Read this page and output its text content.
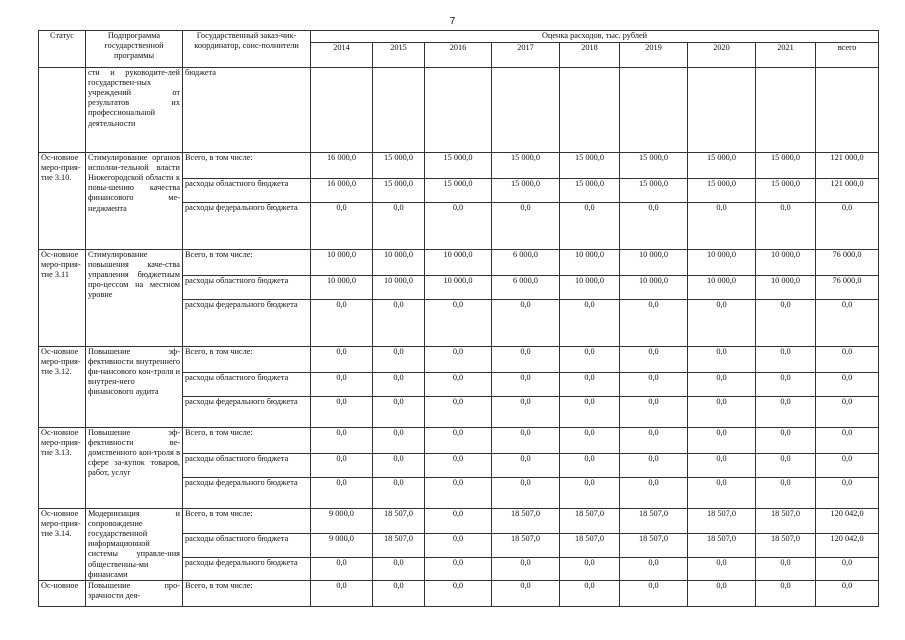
7
Статус	Подпрограмма государственной программы	Государственный заказ-чик-координатор, соис-полнители	Оценка расходов, тыс. рублей								
			2014	2015	2016	2017	2018	2019	2020	2021	всего
	сти и руководите-лей государствен-ных учреждений от результатов их профессиональной деятельности	бюджета									
Ос-новное меро-прия-тие 3.10.	Стимулирование органов исполни-тельной власти Нижегородской области к повы-шению качества финансового ме-неджмента	Всего, в том числе:	16 000,0	15 000,0	15 000,0	15 000,0	15 000,0	15 000,0	15 000,0	15 000,0	121 000,0
		расходы областного бюджета	16 000,0	15 000,0	15 000,0	15 000,0	15 000,0	15 000,0	15 000,0	15 000,0	121 000,0
		расходы федерального бюджета	0,0	0,0	0,0	0,0	0,0	0,0	0,0	0,0	0,0
Ос-новное меро-прия-тие 3.11	Стимулирование повышения каче-ства управления бюджетным про-цессом на местном уровне	Всего, в том числе:	10 000,0	10 000,0	10 000,0	6 000,0	10 000,0	10 000,0	10 000,0	10 000,0	76 000,0
		расходы областного бюджета	10 000,0	10 000,0	10 000,0	6 000,0	10 000,0	10 000,0	10 000,0	10 000,0	76 000,0
		расходы федерального бюджета	0,0	0,0	0,0	0,0	0,0	0,0	0,0	0,0	0,0
Ос-новное меро-прия-тие 3.12.	Повышение эф-фективности внутреннего фи-нансового кон-троля и внутрен-него финансового аудита	Всего, в том числе:	0,0	0,0	0,0	0,0	0,0	0,0	0,0	0,0	0,0
		расходы областного бюджета	0,0	0,0	0,0	0,0	0,0	0,0	0,0	0,0	0,0
		расходы федерального бюджета	0,0	0,0	0,0	0,0	0,0	0,0	0,0	0,0	0,0
Ос-новное меро-прия-тие 3.13.	Повышение эф-фективности ве-домственного кон-троля в сфере за-купок товаров, работ, услуг	Всего, в том числе:	0,0	0,0	0,0	0,0	0,0	0,0	0,0	0,0	0,0
		расходы областного бюджета	0,0	0,0	0,0	0,0	0,0	0,0	0,0	0,0	0,0
		расходы федерального бюджета	0,0	0,0	0,0	0,0	0,0	0,0	0,0	0,0	0,0
Ос-новное меро-прия-тие 3.14.	Модернизация и сопровождение государственной информационной системы управле-ния общественны-ми финансами	Всего, в том числе:	9 000,0	18 507,0	0,0	18 507,0	18 507,0	18 507,0	18 507,0	18 507,0	120 042,0
		расходы областного бюджета	9 000,0	18 507,0	0,0	18 507,0	18 507,0	18 507,0	18 507,0	18 507,0	120 042,0
		расходы федерального бюджета	0,0	0,0	0,0	0,0	0,0	0,0	0,0	0,0	0,0
Ос-новное	Повышение про-зрачности дея-	Всего, в том числе:	0,0	0,0	0,0	0,0	0,0	0,0	0,0	0,0	0,0
